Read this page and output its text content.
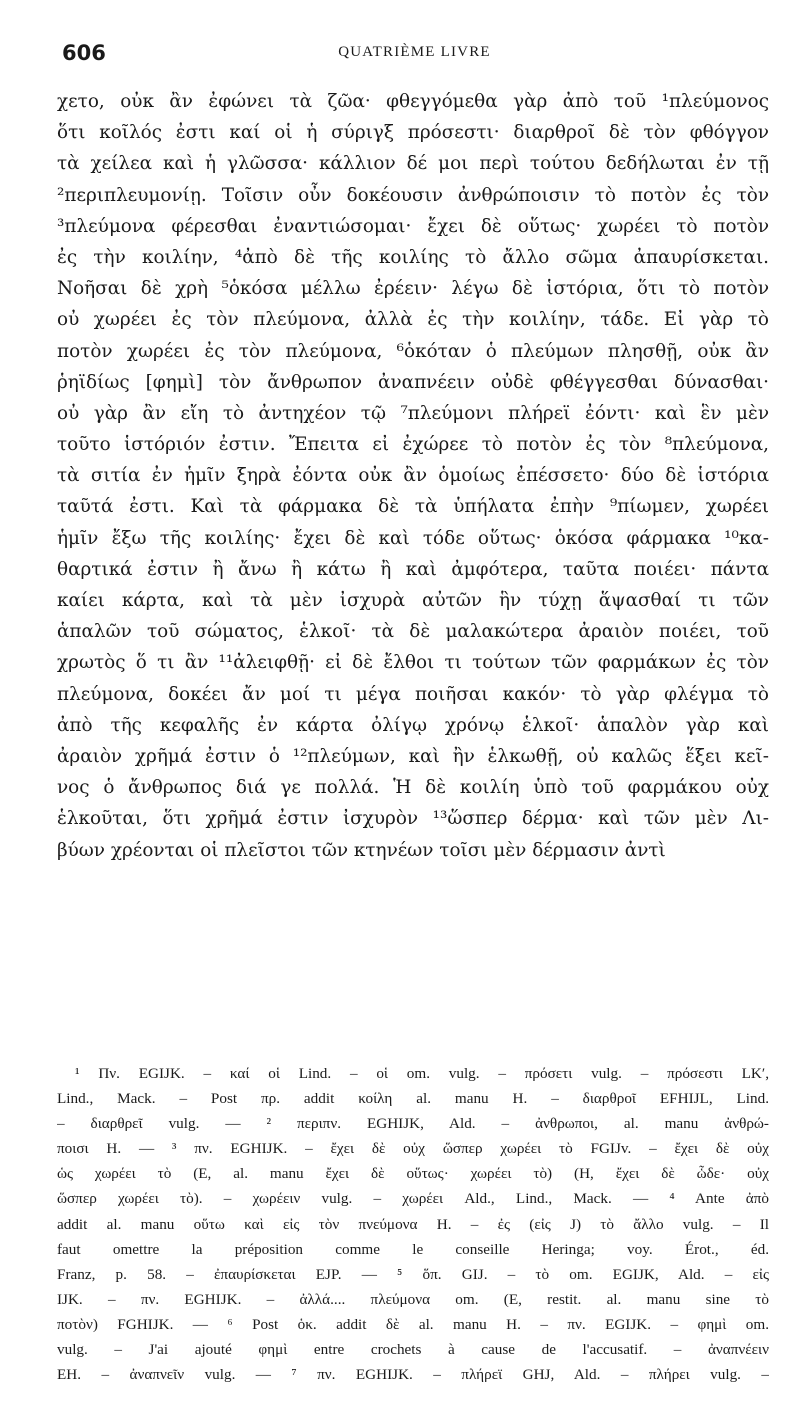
606	QUATRIÈME LIVRE
χετο, οὐκ ἂν ἐφώνει τὰ ζῶα· φθεγγόμεθα γὰρ ἀπὸ τοῦ ¹πλεύμονος
ὅτι κοῖλός ἐστι καί οἱ ἡ σύριγξ πρόσεστι· διαρθροῖ δὲ τὸν φθόγγον
τὰ χείλεα καὶ ἡ γλῶσσα· κάλλιον δέ μοι περὶ τούτου δεδήλωται ἐν τῇ
²περιπλευμονίῃ. Τοῖσιν οὖν δοκέουσιν ἀνθρώποισιν τὸ ποτὸν ἐς τὸν
³πλεύμονα φέρεσθαι ἐναντιώσομαι· ἔχει δὲ οὕτως· χωρέει τὸ ποτὸν
ἐς τὴν κοιλίην, ⁴ἀπὸ δὲ τῆς κοιλίης τὸ ἄλλο σῶμα ἀπαυρίσκεται.
Νοῆσαι δὲ χρὴ ⁵ὁκόσα μέλλω ἐρέειν· λέγω δὲ ἱστόρια, ὅτι τὸ ποτὸν
οὐ χωρέει ἐς τὸν πλεύμονα, ἀλλὰ ἐς τὴν κοιλίην, τάδε. Εἰ γὰρ τὸ
ποτὸν χωρέει ἐς τὸν πλεύμονα, ⁶ὁκόταν ὁ πλεύμων πλησθῇ, οὐκ ἂν
ῥηϊδίως [φημὶ] τὸν ἄνθρωπον ἀναπνέειν οὐδὲ φθέγγεσθαι δύνασθαι·
οὐ γὰρ ἂν εἴη τὸ ἀντηχέον τῷ ⁷πλεύμονι πλήρεϊ ἐόντι· καὶ ἓν μὲν
τοῦτο ἱστόριόν ἐστιν. Ἔπειτα εἰ ἐχώρεε τὸ ποτὸν ἐς τὸν ⁸πλεύμονα,
τὰ σιτία ἐν ἡμῖν ξηρὰ ἐόντα οὐκ ἂν ὁμοίως ἐπέσσετο· δύο δὲ ἱστόρια
ταῦτά ἐστι. Καὶ τὰ φάρμακα δὲ τὰ ὑπήλατα ἐπὴν ⁹πίωμεν, χωρέει
ἡμῖν ἔξω τῆς κοιλίης· ἔχει δὲ καὶ τόδε οὕτως· ὁκόσα φάρμακα ¹⁰κα-
θαρτικά ἐστιν ἢ ἄνω ἢ κάτω ἢ καὶ ἀμφότερα, ταῦτα ποιέει· πάντα
καίει κάρτα, καὶ τὰ μὲν ἰσχυρὰ αὐτῶν ἣν τύχῃ ἅψασθαί τι τῶν
ἁπαλῶν τοῦ σώματος, ἑλκοῖ· τὰ δὲ μαλακώτερα ἀραιὸν ποιέει, τοῦ
χρωτὸς ὅ τι ἂν ¹¹ἀλειφθῇ· εἰ δὲ ἔλθοι τι τούτων τῶν φαρμάκων ἐς τὸν
πλεύμονα, δοκέει ἄν μοί τι μέγα ποιῆσαι κακόν· τὸ γὰρ φλέγμα τὸ
ἀπὸ τῆς κεφαλῆς ἐν κάρτα ὀλίγῳ χρόνῳ ἑλκοῖ· ἁπαλὸν γὰρ καὶ
ἀραιὸν χρῆμά ἐστιν ὁ ¹²πλεύμων, καὶ ἢν ἑλκωθῇ, οὐ καλῶς ἕξει κεῖ-
νος ὁ ἄνθρωπος διά γε πολλά. Ἡ δὲ κοιλίη ὑπὸ τοῦ φαρμάκου οὐχ
ἑλκοῦται, ὅτι χρῆμά ἐστιν ἰσχυρὸν ¹³ὥσπερ δέρμα· καὶ τῶν μὲν Λι-
βύων χρέονται οἱ πλεῖστοι τῶν κτηνέων τοῖσι μὲν δέρμασιν ἀντὶ
¹ Πν. EGIJK. – καί οἱ Lind. – οἱ om. vulg. – πρόσετι vulg. – πρόσεστι LK′,
Lind., Mack. – Post πρ. addit κοίλη al. manu H. – διαρθροῖ EFHIJL, Lind.
– διαρθρεῖ vulg. — ² περιπν. EGHIJK, Ald. – ἀνθρωποι, al. manu ἀνθρώ-
ποισι H. — ³ πν. EGHIJK. – ἔχει δὲ οὐχ ὥσπερ χωρέει τὸ FGIJv. – ἔχει δὲ οὐχ
ὡς χωρέει τὸ (E, al. manu ἔχει δὲ οὕτως· χωρέει τὸ) (H, ἔχει δὲ ὧδε· οὐχ
ὥσπερ χωρέει τὸ). – χωρέειν vulg. – χωρέει Ald., Lind., Mack. — ⁴ Ante ἀπὸ
addit al. manu οὕτω καὶ εἰς τὸν πνεύμονα H. – ἐς (εἰς J) τὸ ἄλλο vulg. – Il
faut omettre la préposition comme le conseille Heringa; voy. Érot., éd.
Franz, p. 58. – ἐπαυρίσκεται EJP. — ⁵ ὅπ. GIJ. – τὸ om. EGIJK, Ald. – εἰς
IJK. – πν. EGHIJK. – ἀλλά.... πλεύμονα om. (E, restit. al. manu sine τὸ
ποτὸν) FGHIJK. — ⁶ Post ὁκ. addit δὲ al. manu H. – πν. EGIJK. – φημὶ om.
vulg. – J'ai ajouté φημὶ entre crochets à cause de l'accusatif. – ἀναπνέειν
EH. – ἀναπνεῖν vulg. — ⁷ πν. EGHIJK. – πλήρεϊ GHJ, Ald. – πλήρει vulg. –
